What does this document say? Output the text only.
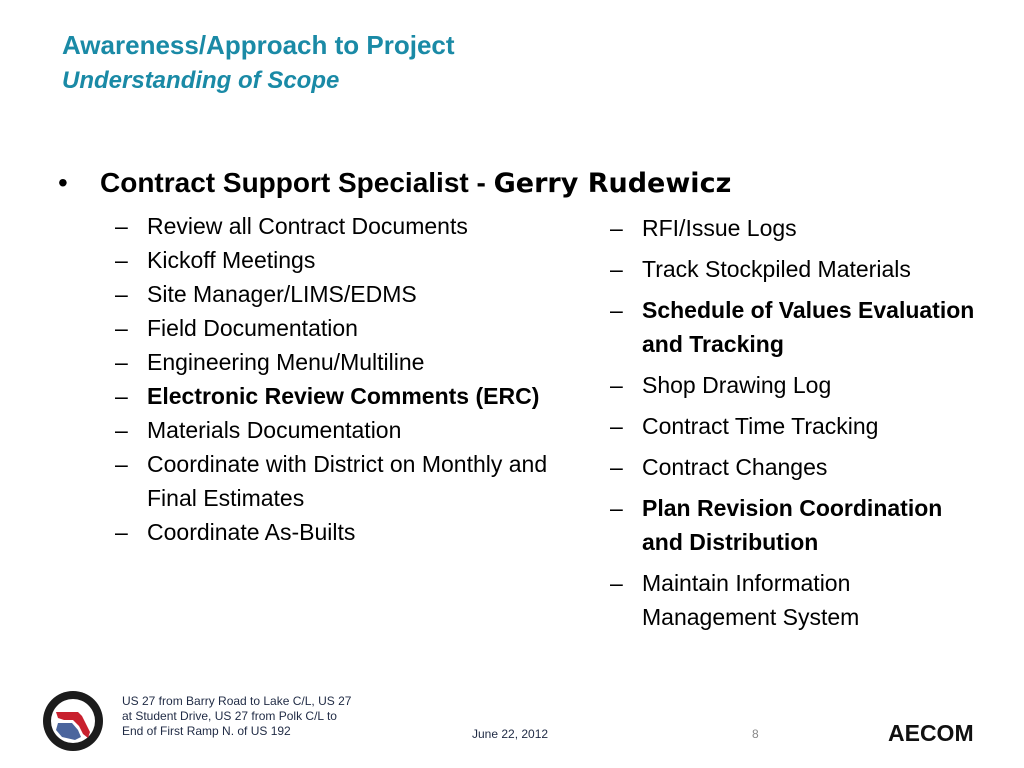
Awareness/Approach to Project
Understanding of Scope
• Contract Support Specialist - Gerry Rudewicz
– Review all Contract Documents
– Kickoff Meetings
– Site Manager/LIMS/EDMS
– Field Documentation
– Engineering Menu/Multiline
– Electronic Review Comments (ERC)
– Materials Documentation
– Coordinate with District on Monthly and Final Estimates
– Coordinate As-Builts
– RFI/Issue Logs
– Track Stockpiled Materials
– Schedule of Values Evaluation and Tracking
– Shop Drawing Log
– Contract Time Tracking
– Contract Changes
– Plan Revision Coordination and Distribution
– Maintain Information Management System
US 27 from Barry Road to Lake C/L, US 27 at Student Drive, US 27 from Polk C/L to End of First Ramp N. of US 192	June 22, 2012	8	AECOM
